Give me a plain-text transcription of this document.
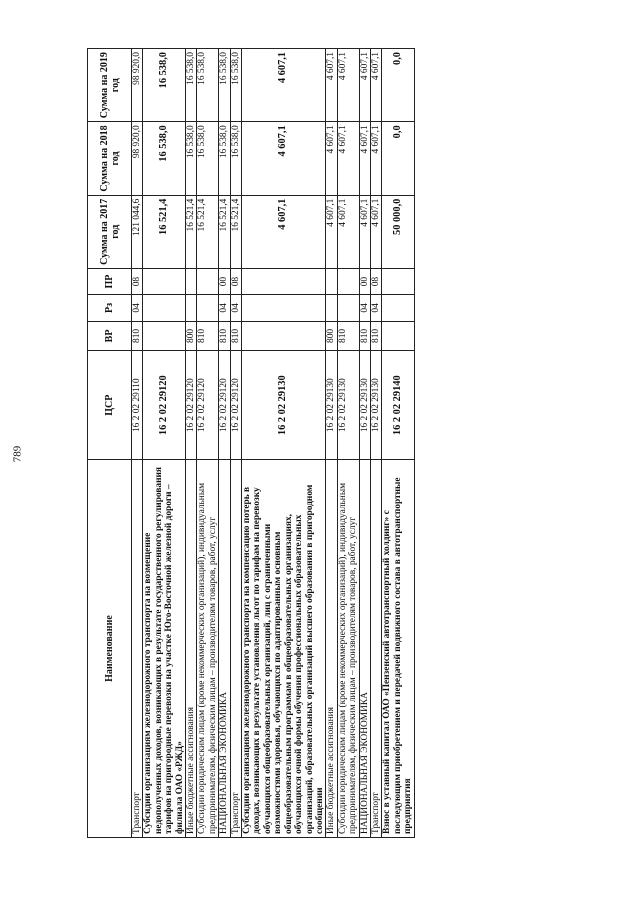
789
Наименование	ЦСР	ВР	Рз	ПР	Сумма на 2017 год	Сумма на 2018 год	Сумма на 2019 год
Транспорт	16 2 02 29110	810	04	08	121 044,6	98 920,0	98 920,0
Субсидии организациям железнодорожного транспорта на возмещение недополученных доходов, возникающих в результате государственного регулирования тарифов на пригородные перевозки на участке Юго-Восточной железной дороги – филиала ОАО «РЖД»	16 2 02 29120				16 521,4	16 538,0	16 538,0
Иные бюджетные ассигнования	16 2 02 29120	800			16 521,4	16 538,0	16 538,0
Субсидии юридическим лицам (кроме некоммерческих организаций), индивидуальным предпринимателям, физическим лицам – производителям товаров, работ, услуг	16 2 02 29120	810			16 521,4	16 538,0	16 538,0
НАЦИОНАЛЬНАЯ ЭКОНОМИКА	16 2 02 29120	810	04	00	16 521,4	16 538,0	16 538,0
Транспорт	16 2 02 29120	810	04	08	16 521,4	16 538,0	16 538,0
Субсидии организациям железнодорожного транспорта на компенсацию потерь в доходах, возникающих в результате установления льгот по тарифам на перевозку обучающихся общеобразовательных организаций, лиц с ограниченными возможностями здоровья, обучающихся по адаптированным основным общеобразовательным программам в общеобразовательных организациях, обучающихся очной формы обучения профессиональных образовательных организаций, образовательных организаций высшего образования в пригородном сообщении	16 2 02 29130				4 607,1	4 607,1	4 607,1
Иные бюджетные ассигнования	16 2 02 29130	800			4 607,1	4 607,1	4 607,1
Субсидии юридическим лицам (кроме некоммерческих организаций), индивидуальным предпринимателям, физическим лицам – производителям товаров, работ, услуг	16 2 02 29130	810			4 607,1	4 607,1	4 607,1
НАЦИОНАЛЬНАЯ ЭКОНОМИКА	16 2 02 29130	810	04	00	4 607,1	4 607,1	4 607,1
Транспорт	16 2 02 29130	810	04	08	4 607,1	4 607,1	4 607,1
Взнос в уставный капитал ОАО «Пензенский автотранспортный холдинг» с последующим приобретением и передачей подвижного состава в автотранспортные предприятия	16 2 02 29140				50 000,0	0,0	0,0
